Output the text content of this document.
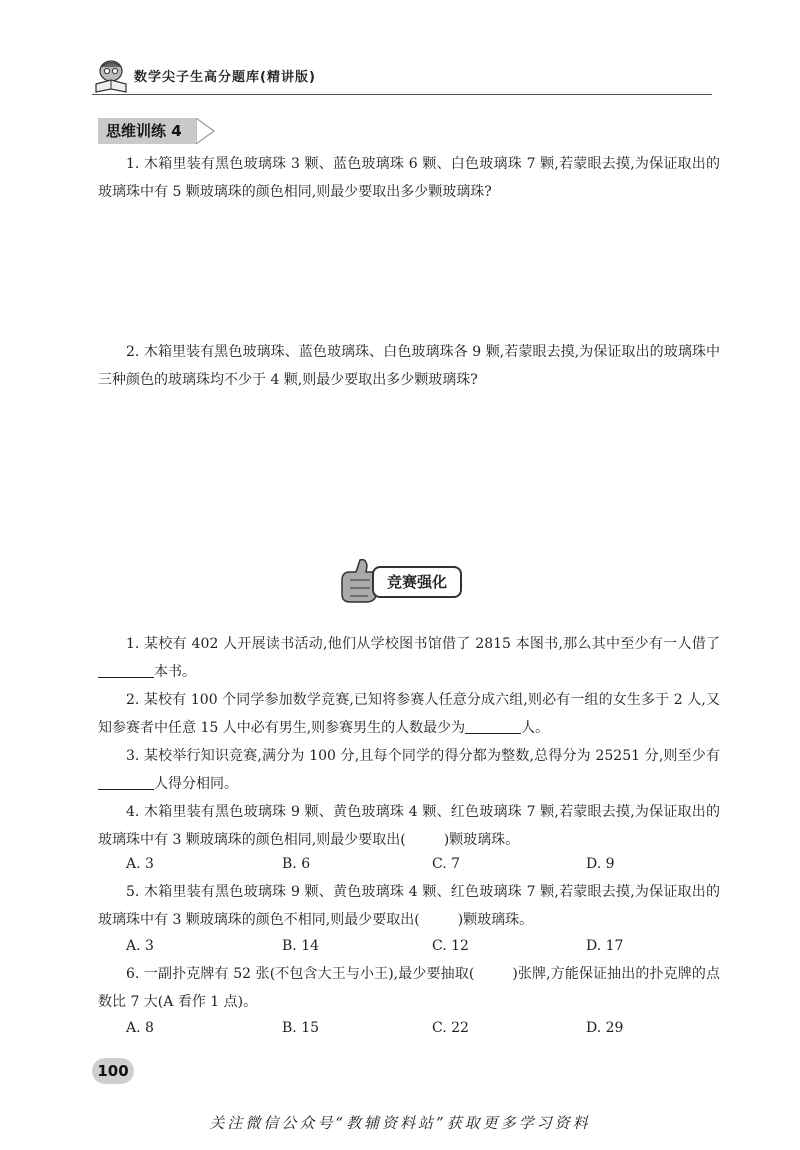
数学尖子生高分题库(精讲版)
思维训练 4

1. 木箱里装有黑色玻璃珠 3 颗、蓝色玻璃珠 6 颗、白色玻璃珠 7 颗,若蒙眼去摸,为保证取出的玻璃珠中有 5 颗玻璃珠的颜色相同,则最少要取出多少颗玻璃珠?

2. 木箱里装有黑色玻璃珠、蓝色玻璃珠、白色玻璃珠各 9 颗,若蒙眼去摸,为保证取出的玻璃珠中三种颜色的玻璃珠均不少于 4 颗,则最少要取出多少颗玻璃珠?

竞赛强化

1. 某校有 402 人开展读书活动,他们从学校图书馆借了 2815 本图书,那么其中至少有一人借了本书。

2. 某校有 100 个同学参加数学竞赛,已知将参赛人任意分成六组,则必有一组的女生多于 2 人,又知参赛者中任意 15 人中必有男生,则参赛男生的人数最少为	人。

3. 某校举行知识竞赛,满分为 100 分,且每个同学的得分都为整数,总得分为 25251 分,则至少有人得分相同。

4. 木箱里装有黑色玻璃珠 9 颗、黄色玻璃珠 4 颗、红色玻璃珠 7 颗,若蒙眼去摸,为保证取出的玻璃珠中有 3 颗玻璃珠的颜色相同,则最少要取出(	)颗玻璃珠。

A. 3	B. 6	C. 7	D. 9

5. 木箱里装有黑色玻璃珠 9 颗、黄色玻璃珠 4 颗、红色玻璃珠 7 颗,若蒙眼去摸,为保证取出的玻璃珠中有 3 颗玻璃珠的颜色不相同,则最少要取出(	)颗玻璃珠。

A. 3	B. 14	C. 12	D. 17

6. 一副扑克牌有 52 张(不包含大王与小王),最少要抽取(	)张牌,方能保证抽出的扑克牌的点数比 7 大(A 看作 1 点)。

A. 8	B. 15	C. 22	D. 29
100
关注微信公众号“教辅资料站”获取更多学习资料
